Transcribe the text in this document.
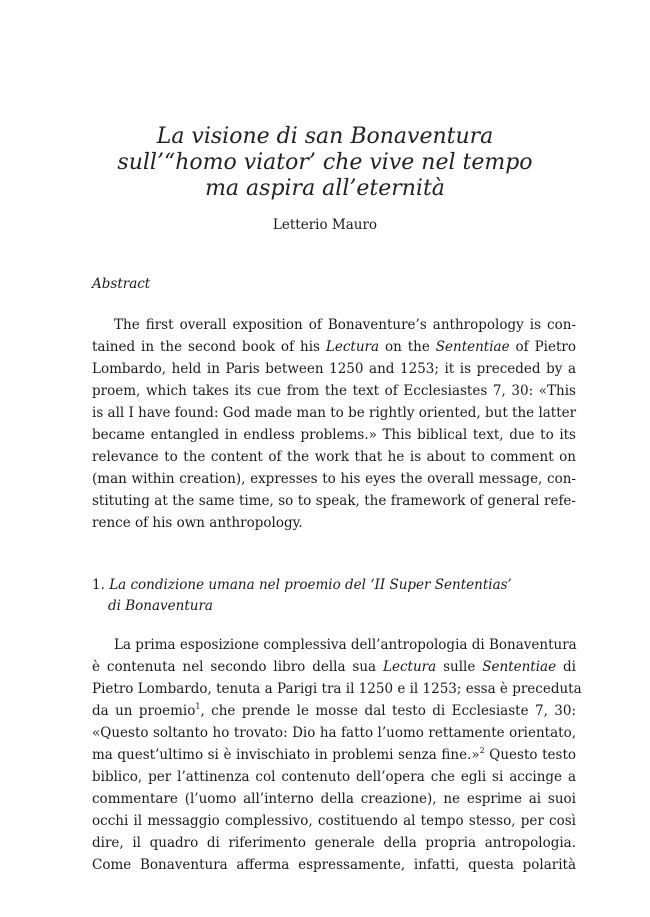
La visione di san Bonaventura
sull’“homo viator’ che vive nel tempo
ma aspira all’eternità
Letterio Mauro
Abstract
The first overall exposition of Bonaventure’s anthropology is con-
tained in the second book of his Lectura on the Sententiae of Pietro
Lombardo, held in Paris between 1250 and 1253; it is preceded by a
proem, which takes its cue from the text of Ecclesiastes 7, 30: «This
is all I have found: God made man to be rightly oriented, but the latter
became entangled in endless problems.» This biblical text, due to its
relevance to the content of the work that he is about to comment on
(man within creation), expresses to his eyes the overall message, con-
stituting at the same time, so to speak, the framework of general refe-
rence of his own anthropology.
1. La condizione umana nel proemio del ‘II Super Sententias’
di Bonaventura
La prima esposizione complessiva dell’antropologia di Bonaventura
è contenuta nel secondo libro della sua Lectura sulle Sententiae di
Pietro Lombardo, tenuta a Parigi tra il 1250 e il 1253; essa è preceduta
da un proemio$^1$, che prende le mosse dal testo di Ecclesiaste 7, 30:
«Questo soltanto ho trovato: Dio ha fatto l’uomo rettamente orientato,
ma quest’ultimo si è invischiato in problemi senza fine.»$^2$ Questo testo
biblico, per l’attinenza col contenuto dell’opera che egli si accinge a
commentare (l’uomo all’interno della creazione), ne esprime ai suoi
occhi il messaggio complessivo, costituendo al tempo stesso, per così
dire, il quadro di riferimento generale della propria antropologia.
Come Bonaventura afferma espressamente, infatti, questa polarità
